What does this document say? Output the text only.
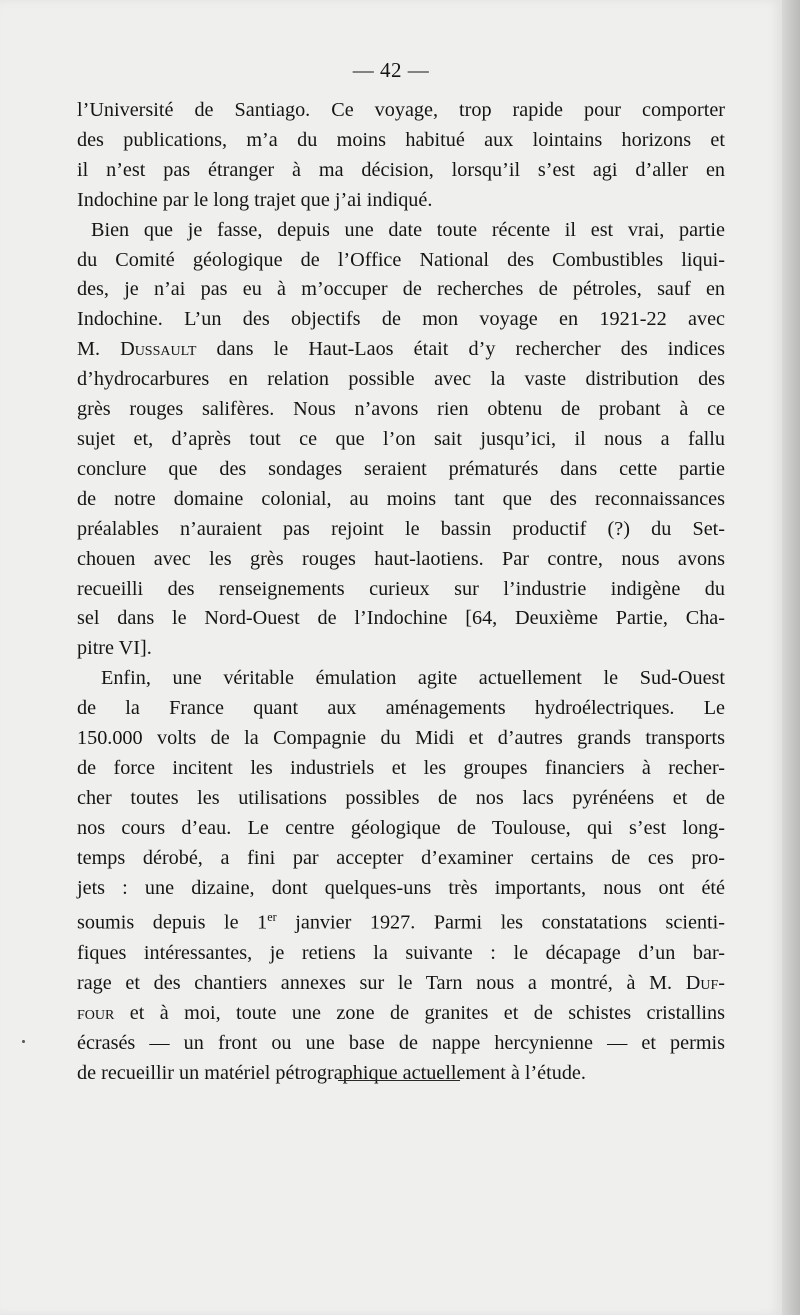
— 42 —
l’Université de Santiago. Ce voyage, trop rapide pour comporter
des publications, m’a du moins habitué aux lointains horizons et
il n’est pas étranger à ma décision, lorsqu’il s’est agi d’aller en
Indochine par le long trajet que j’ai indiqué.
Bien que je fasse, depuis une date toute récente il est vrai, partie
du Comité géologique de l’Office National des Combustibles liqui-
des, je n’ai pas eu à m’occuper de recherches de pétroles, sauf en
Indochine. L’un des objectifs de mon voyage en 1921-22 avec
M. Dussault dans le Haut-Laos était d’y rechercher des indices
d’hydrocarbures en relation possible avec la vaste distribution des
grès rouges salifères. Nous n’avons rien obtenu de probant à ce
sujet et, d’après tout ce que l’on sait jusqu’ici, il nous a fallu
conclure que des sondages seraient prématurés dans cette partie
de notre domaine colonial, au moins tant que des reconnaissances
préalables n’auraient pas rejoint le bassin productif (?) du Set-
chouen avec les grès rouges haut-laotiens. Par contre, nous avons
recueilli des renseignements curieux sur l’industrie indigène du
sel dans le Nord-Ouest de l’Indochine [64, Deuxième Partie, Cha-
pitre VI].
Enfin, une véritable émulation agite actuellement le Sud-Ouest
de la France quant aux aménagements hydroélectriques. Le
150.000 volts de la Compagnie du Midi et d’autres grands transports
de force incitent les industriels et les groupes financiers à recher-
cher toutes les utilisations possibles de nos lacs pyrénéens et de
nos cours d’eau. Le centre géologique de Toulouse, qui s’est long-
temps dérobé, a fini par accepter d’examiner certains de ces pro-
jets : une dizaine, dont quelques-uns très importants, nous ont été
soumis depuis le 1er janvier 1927. Parmi les constatations scienti-
fiques intéressantes, je retiens la suivante : le décapage d’un bar-
rage et des chantiers annexes sur le Tarn nous a montré, à M. Duf-
four et à moi, toute une zone de granites et de schistes cristallins
écrasés — un front ou une base de nappe hercynienne — et permis
de recueillir un matériel pétrographique actuellement à l’étude.
